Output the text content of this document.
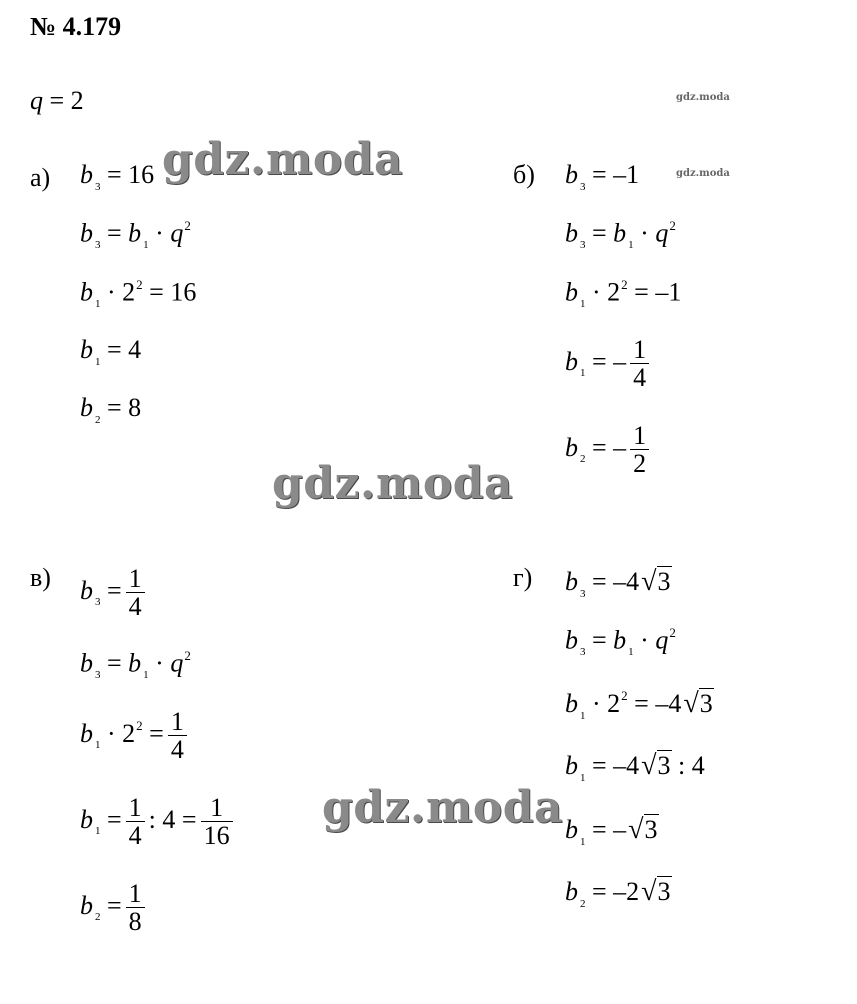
№ 4.179
q = 2	gdz.moda
gdz.moda
а) b $_3$ = 16
b $_3$ = b $_1 \cdot q^2$
b $_1 \cdot 2^2 = 16$
b $_1$ = 4
b $_2$ = 8
б) b $_3$ = –1
b $_3$ = b $_1 \cdot q^2$
b $_1 \cdot 2^2 = -1$
b $_1$ = – $\frac{1}{4}$
b $_2$ = – $\frac{1}{2}$
в) b $_3 = \frac{1}{4}$
b $_3$ = b $_1 \cdot q^2$
b $_1 \cdot 2^2 = \frac{1}{4}$
b $_1 = \frac{1}{4}$ : $4 = \frac{1}{16}$
b $_2 = \frac{1}{8}$
г) b $_3$ = –4√3
b $_3$ = b $_1 \cdot q^2$
b $_1 \cdot 2^2 = -4√3$
b $_1$ = –4√3 : 4
b $_1$ = –√3
b $_2$ = –2√3
gdz.moda
gdz.moda
gdz.moda
